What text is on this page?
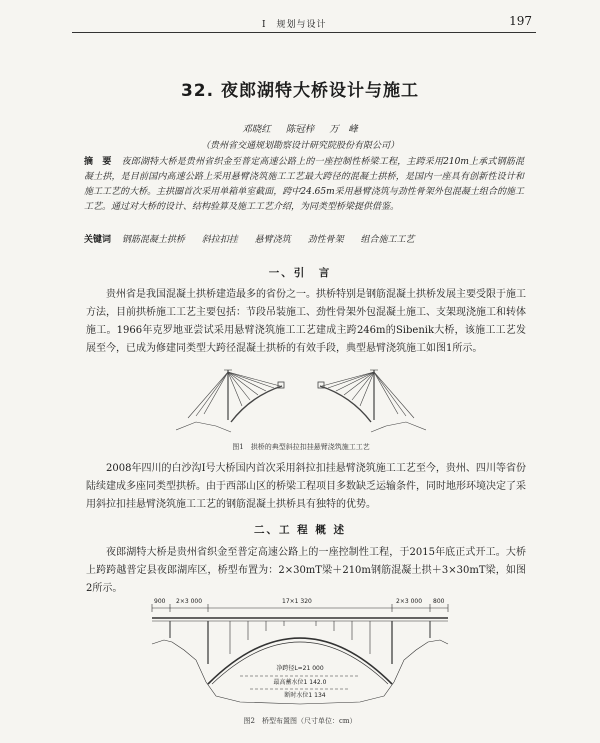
I　规划与设计	197
32. 夜郎湖特大桥设计与施工
邓晓红 陈冠梓 万　峰
（贵州省交通规划勘察设计研究院股份有限公司）
摘　要 夜郎湖特大桥是贵州省织金至普定高速公路上的一座控制性桥梁工程，主跨采用210m上承式钢筋混凝土拱，是目前国内高速公路上采用悬臂浇筑施工工艺最大跨径的混凝土拱桥，是国内一座具有创新性设计和施工工艺的大桥。主拱圈首次采用单箱单室截面，跨中24.65m采用悬臂浇筑与劲性骨架外包混凝土组合的施工工艺。通过对大桥的设计、结构验算及施工工艺介绍，为同类型桥梁提供借鉴。
关键词 钢筋混凝土拱桥 斜拉扣挂 悬臂浇筑 劲性骨架 组合施工工艺
一、引　言
贵州省是我国混凝土拱桥建造最多的省份之一。拱桥特别是钢筋混凝土拱桥发展主要受限于施工方法，目前拱桥施工工艺主要包括：节段吊装施工、劲性骨架外包混凝土施工、支架现浇施工和转体施工。1966年克罗地亚尝试采用悬臂浇筑施工工艺建成主跨246m的Sibenik大桥，该施工工艺发展至今，已成为修建同类型大跨径混凝土拱桥的有效手段，典型悬臂浇筑施工如图1所示。
图1　拱桥的典型斜拉扣挂悬臂浇筑施工工艺
2008年四川的白沙沟I号大桥国内首次采用斜拉扣挂悬臂浇筑施工工艺至今，贵州、四川等省份陆续建成多座同类型拱桥。由于西部山区的桥梁工程项目多数缺乏运输条件，同时地形环境决定了采用斜拉扣挂悬臂浇筑施工工艺的钢筋混凝土拱桥具有独特的优势。
二、工 程 概 述
夜郎湖特大桥是贵州省织金至普定高速公路上的一座控制性工程，于2015年底正式开工。大桥上跨跨越普定县夜郎湖库区，桥型布置为：2×30mT梁＋210m钢筋混凝土拱＋3×30mT梁，如图2所示。
900 2×3 000	17×1 320	2×3 000 800
净跨径L=21 000
最高蓄水位1 142.0
断时水位1 134
图2　桥型布置图（尺寸单位：cm）
